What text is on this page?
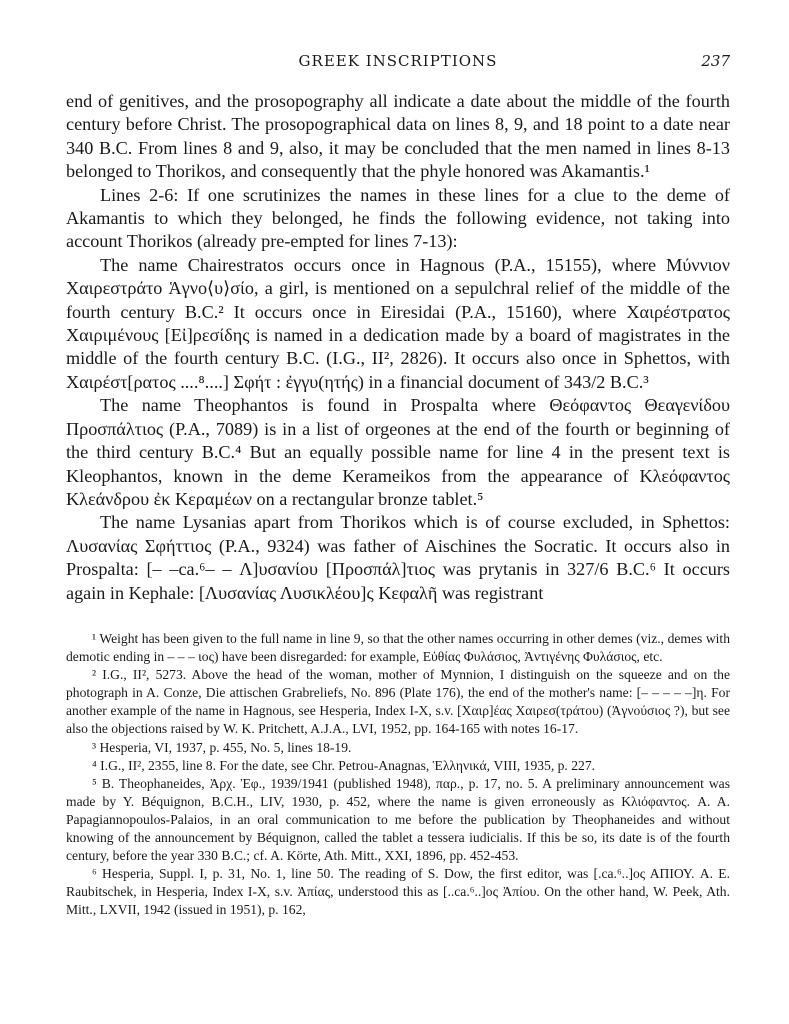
GREEK INSCRIPTIONS	237

end of genitives, and the prosopography all indicate a date about the middle of the fourth century before Christ. The prosopographical data on lines 8, 9, and 18 point to a date near 340 B.C. From lines 8 and 9, also, it may be concluded that the men named in lines 8-13 belonged to Thorikos, and consequently that the phyle honored was Akamantis.¹

Lines 2-6: If one scrutinizes the names in these lines for a clue to the deme of Akamantis to which they belonged, he finds the following evidence, not taking into account Thorikos (already pre-empted for lines 7-13):

The name Chairestratos occurs once in Hagnous (P.A., 15155), where Μύννιον Χαιρεστράτο Ἁγνο⟨υ⟩σίο, a girl, is mentioned on a sepulchral relief of the middle of the fourth century B.C.² It occurs once in Eiresidai (P.A., 15160), where Χαιρέστρατος Χαιριμένους [Εἰ]ρεσίδης is named in a dedication made by a board of magistrates in the middle of the fourth century B.C. (I.G., II², 2826). It occurs also once in Sphettos, with Χαιρέστ[ρατος ....⁸....] Σφήτ : ἐγγυ(ητής) in a financial document of 343/2 B.C.³

The name Theophantos is found in Prospalta where Θεόφαντος Θεαγενίδου Προσπάλτιος (P.A., 7089) is in a list of orgeones at the end of the fourth or beginning of the third century B.C.⁴ But an equally possible name for line 4 in the present text is Kleophantos, known in the deme Kerameikos from the appearance of Κλεόφαντος Κλεάνδρου ἐκ Κεραμέων on a rectangular bronze tablet.⁵

The name Lysanias apart from Thorikos which is of course excluded, in Sphettos: Λυσανίας Σφήττιος (P.A., 9324) was father of Aischines the Socratic. It occurs also in Prospalta: [– –ca.⁶– – Λ]υσανίου [Προσπάλ]τιος was prytanis in 327/6 B.C.⁶ It occurs again in Kephale: [Λυσανίας Λυσικλέου]ς Κεφαλῆ was registrant

¹ Weight has been given to the full name in line 9, so that the other names occurring in other demes (viz., demes with demotic ending in – – – ιος) have been disregarded: for example, Εὐθίας Φυλάσιος, Ἀντιγένης Φυλάσιος, etc.

² I.G., II², 5273. Above the head of the woman, mother of Mynnion, I distinguish on the squeeze and on the photograph in A. Conze, Die attischen Grabreliefs, No. 896 (Plate 176), the end of the mother's name: [– – – – –]η. For another example of the name in Hagnous, see Hesperia, Index I-X, s.v. [Χαιρ]έας Χαιρεσ(τράτου) (Ἁγνούσιος ?), but see also the objections raised by W. K. Pritchett, A.J.A., LVI, 1952, pp. 164-165 with notes 16-17.

³ Hesperia, VI, 1937, p. 455, No. 5, lines 18-19.

⁴ I.G., II², 2355, line 8. For the date, see Chr. Petrou-Anagnas, Ἑλληνικά, VIII, 1935, p. 227.

⁵ B. Theophaneides, Ἀρχ. Ἐφ., 1939/1941 (published 1948), παρ., p. 17, no. 5. A preliminary announcement was made by Y. Béquignon, B.C.H., LIV, 1930, p. 452, where the name is given erroneously as Κλιόφαντος. A. A. Papagiannopoulos-Palaios, in an oral communication to me before the publication by Theophaneides and without knowing of the announcement by Béquignon, called the tablet a tessera iudicialis. If this be so, its date is of the fourth century, before the year 330 B.C.; cf. A. Körte, Ath. Mitt., XXI, 1896, pp. 452-453.

⁶ Hesperia, Suppl. I, p. 31, No. 1, line 50. The reading of S. Dow, the first editor, was [.ca.⁶..]ος ΑΠΙΟΥ. A. E. Raubitschek, in Hesperia, Index I-X, s.v. Ἀπίας, understood this as [..ca.⁶..]ος Ἀπίου. On the other hand, W. Peek, Ath. Mitt., LXVII, 1942 (issued in 1951), p. 162,
